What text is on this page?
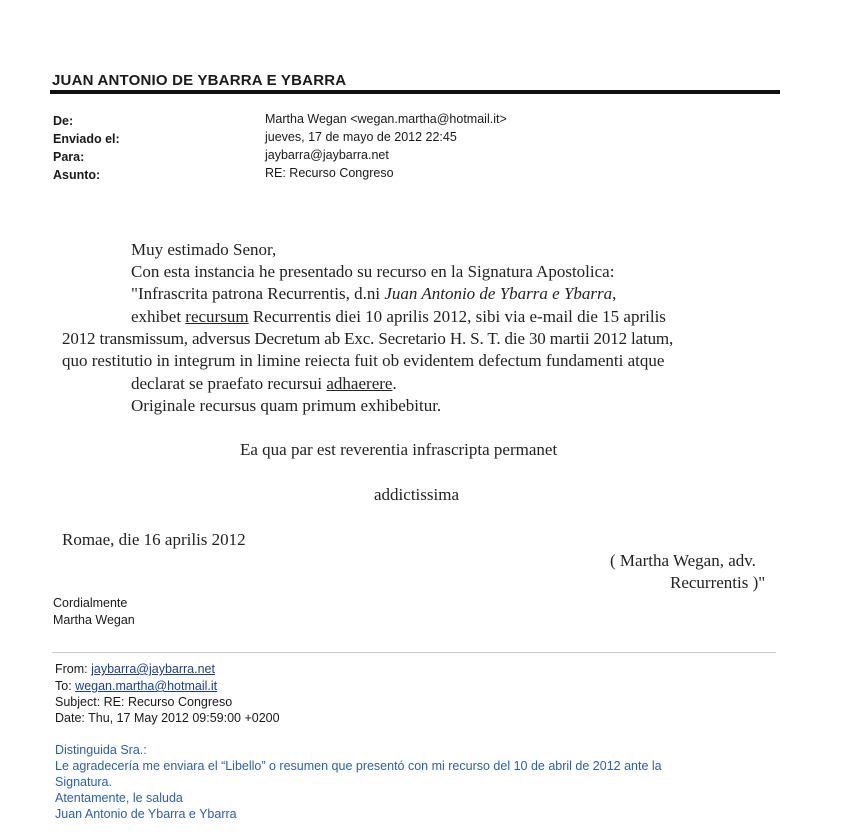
JUAN ANTONIO DE YBARRA E YBARRA
De:	Martha Wegan <wegan.martha@hotmail.it>
Enviado el:	jueves, 17 de mayo de 2012 22:45
Para:	jaybarra@jaybarra.net
Asunto:	RE: Recurso Congreso
Muy estimado Senor,
Con esta instancia he presentado su recurso en la Signatura Apostolica:
"Infrascrita patrona Recurrentis, d.ni Juan Antonio de Ybarra e Ybarra,
exhibet recursum Recurrentis diei 10 aprilis 2012, sibi via e-mail die 15 aprilis
2012 transmissum, adversus Decretum ab Exc. Secretario H. S. T. die 30 martii 2012 latum,
quo restitutio in integrum in limine reiecta fuit ob evidentem defectum fundamenti atque
declarat se praefato recursui adhaerere.
Originale recursus quam primum exhibebitur.
Ea qua par est reverentia infrascripta permanet
addictissima
Romae, die 16 aprilis 2012
( Martha Wegan, adv.
Recurrentis )"
Cordialmente
Martha Wegan
From: jaybarra@jaybarra.net
To: wegan.martha@hotmail.it
Subject: RE: Recurso Congreso
Date: Thu, 17 May 2012 09:59:00 +0200
Distinguida Sra.:
Le agradecería me enviara el “Libello” o resumen que presentó con mi recurso del 10 de abril de 2012 ante la
Signatura.
Atentamente, le saluda
Juan Antonio de Ybarra e Ybarra
